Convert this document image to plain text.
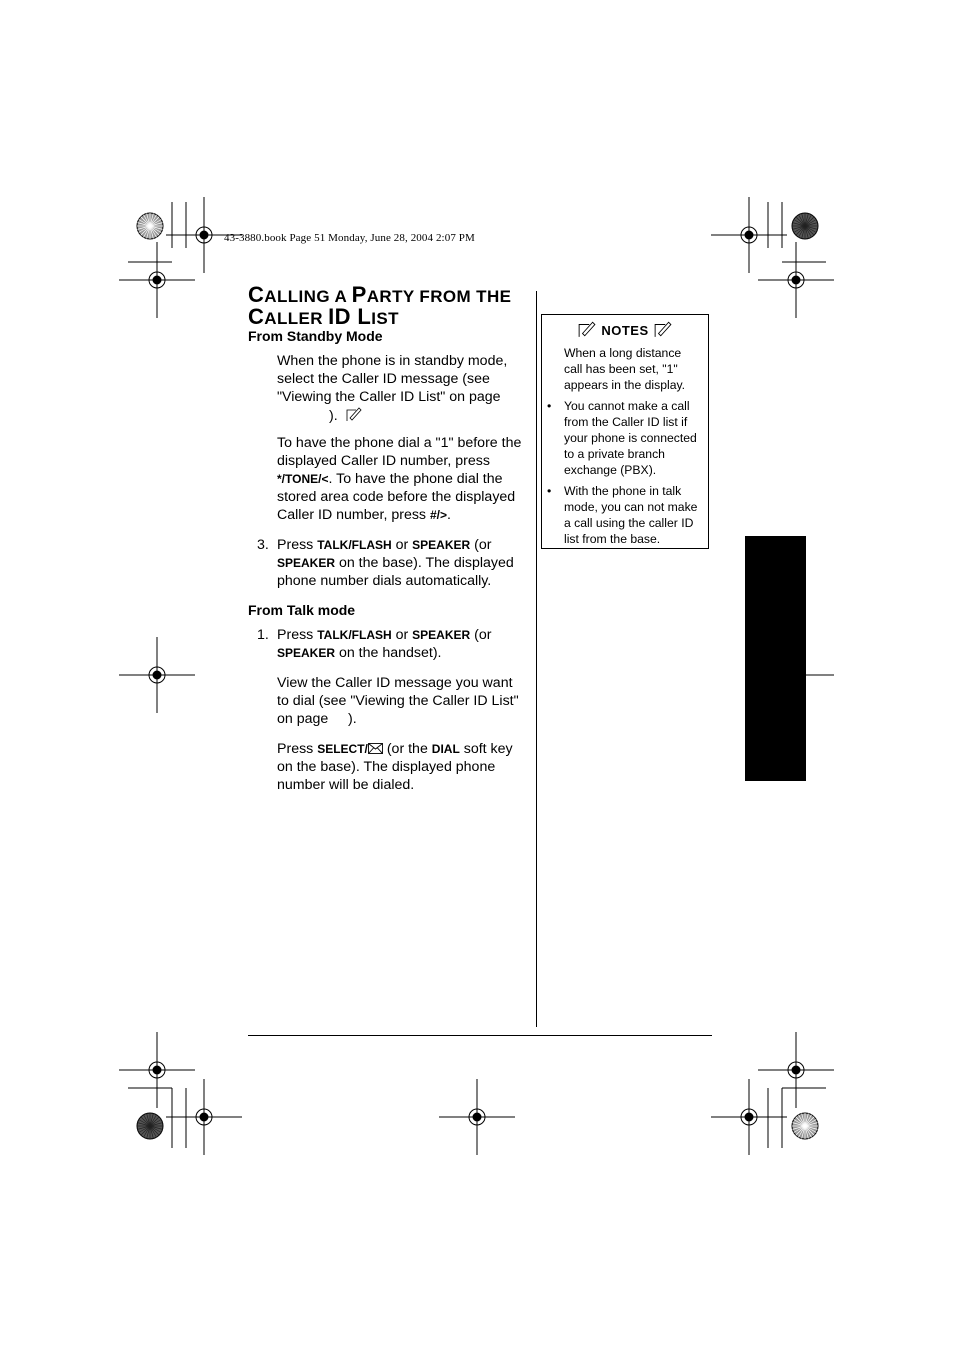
43-3880.book Page 51 Monday, June 28, 2004 2:07 PM
CALLING A PARTY FROM THE
CALLER ID LIST
From Standby Mode
When the phone is in standby mode,
select the Caller ID message (see
"Viewing the Caller ID List" on page
).
To have the phone dial a "1" before the
displayed Caller ID number, press
*/TONE/<. To have the phone dial the
stored area code before the displayed
Caller ID number, press #/>.
3. Press TALK/FLASH or SPEAKER (or
SPEAKER on the base). The displayed
phone number dials automatically.
From Talk mode
1. Press TALK/FLASH or SPEAKER (or
SPEAKER on the handset).
View the Caller ID message you want
to dial (see "Viewing the Caller ID List"
on page     ).
Press SELECT/ (or the DIAL soft key
on the base). The displayed phone
number will be dialed.
NOTES
When a long distance
call has been set, "1"
appears in the display.
• You cannot make a call
from the Caller ID list if
your phone is connected
to a private branch
exchange (PBX).
• With the phone in talk
mode, you can not make
a call using the caller ID
list from the base.
